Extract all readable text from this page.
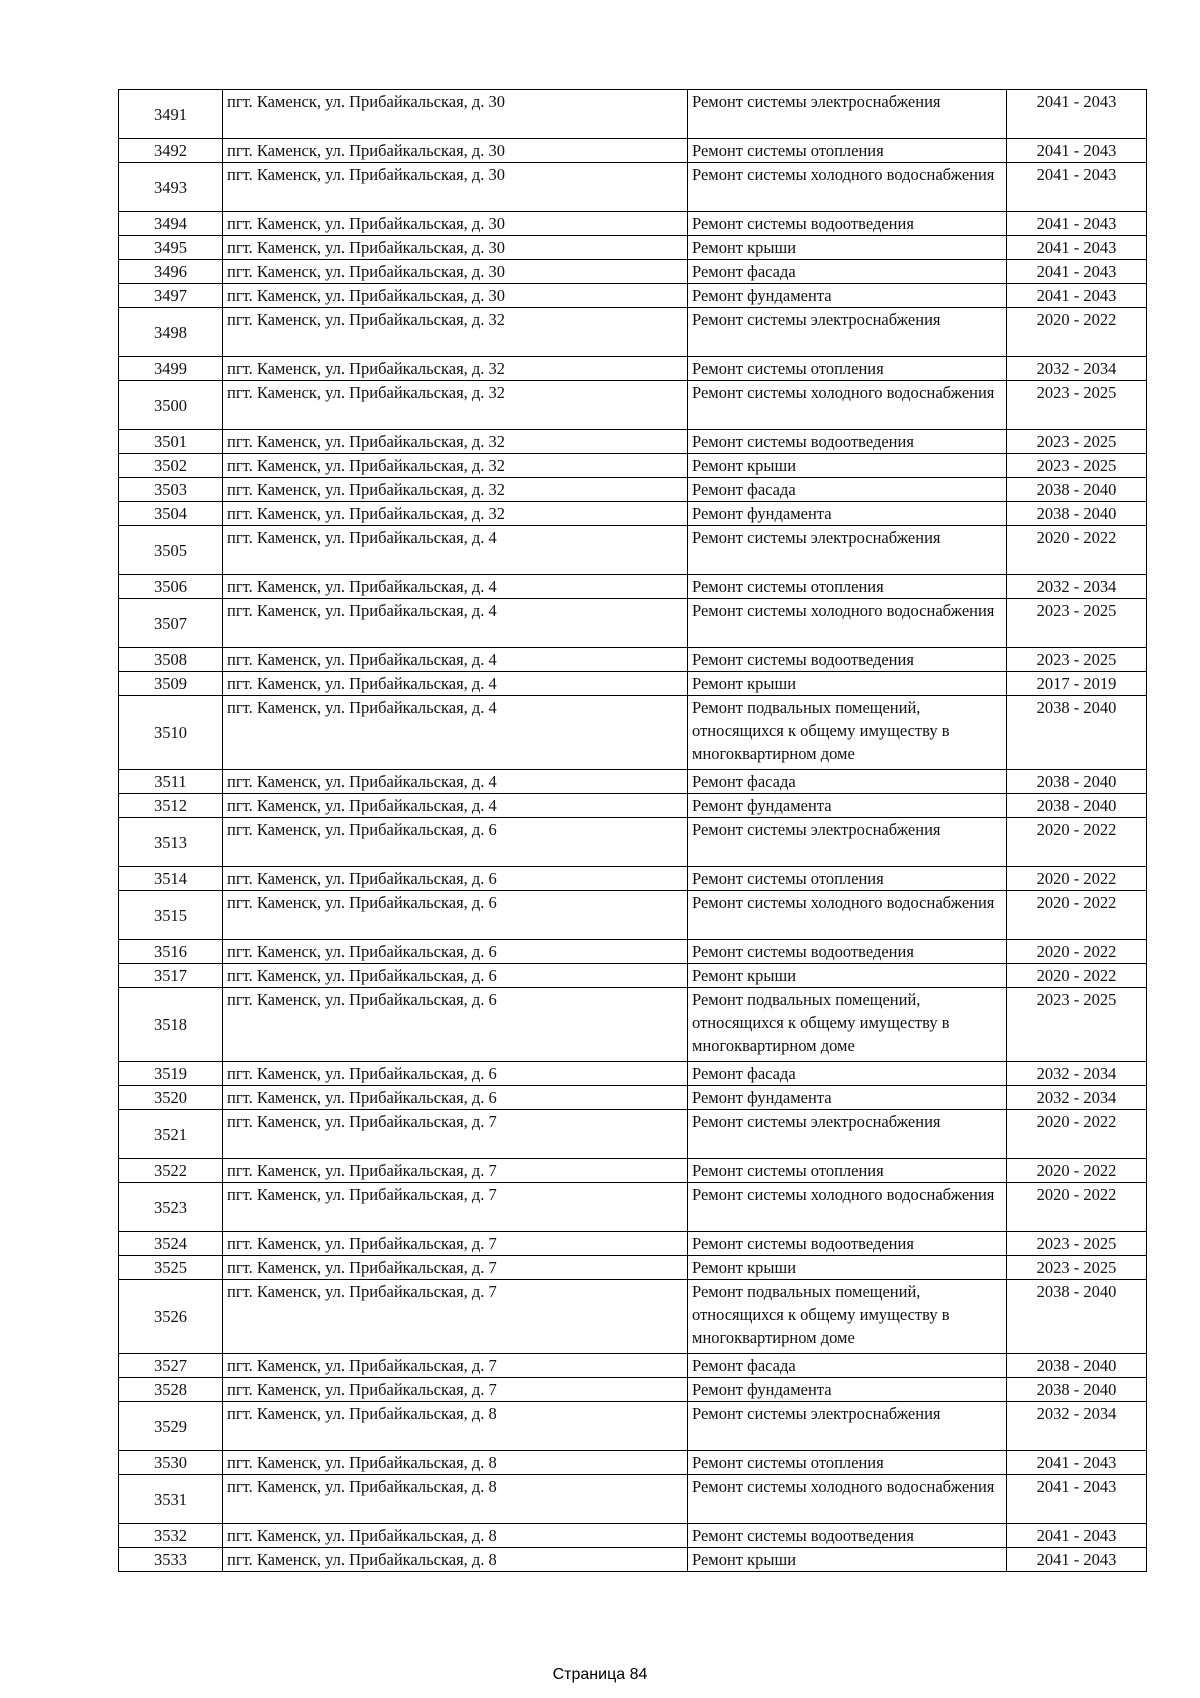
3491	пгт. Каменск, ул. Прибайкальская, д. 30	Ремонт системы электроснабжения	2041 - 2043
3492	пгт. Каменск, ул. Прибайкальская, д. 30	Ремонт системы отопления	2041 - 2043
3493	пгт. Каменск, ул. Прибайкальская, д. 30	Ремонт системы холодного водоснабжения	2041 - 2043
3494	пгт. Каменск, ул. Прибайкальская, д. 30	Ремонт системы водоотведения	2041 - 2043
3495	пгт. Каменск, ул. Прибайкальская, д. 30	Ремонт крыши	2041 - 2043
3496	пгт. Каменск, ул. Прибайкальская, д. 30	Ремонт фасада	2041 - 2043
3497	пгт. Каменск, ул. Прибайкальская, д. 30	Ремонт фундамента	2041 - 2043
3498	пгт. Каменск, ул. Прибайкальская, д. 32	Ремонт системы электроснабжения	2020 - 2022
3499	пгт. Каменск, ул. Прибайкальская, д. 32	Ремонт системы отопления	2032 - 2034
3500	пгт. Каменск, ул. Прибайкальская, д. 32	Ремонт системы холодного водоснабжения	2023 - 2025
3501	пгт. Каменск, ул. Прибайкальская, д. 32	Ремонт системы водоотведения	2023 - 2025
3502	пгт. Каменск, ул. Прибайкальская, д. 32	Ремонт крыши	2023 - 2025
3503	пгт. Каменск, ул. Прибайкальская, д. 32	Ремонт фасада	2038 - 2040
3504	пгт. Каменск, ул. Прибайкальская, д. 32	Ремонт фундамента	2038 - 2040
3505	пгт. Каменск, ул. Прибайкальская, д. 4	Ремонт системы электроснабжения	2020 - 2022
3506	пгт. Каменск, ул. Прибайкальская, д. 4	Ремонт системы отопления	2032 - 2034
3507	пгт. Каменск, ул. Прибайкальская, д. 4	Ремонт системы холодного водоснабжения	2023 - 2025
3508	пгт. Каменск, ул. Прибайкальская, д. 4	Ремонт системы водоотведения	2023 - 2025
3509	пгт. Каменск, ул. Прибайкальская, д. 4	Ремонт крыши	2017 - 2019
3510	пгт. Каменск, ул. Прибайкальская, д. 4	Ремонт подвальных помещений, относящихся к общему имуществу в многоквартирном доме	2038 - 2040
3511	пгт. Каменск, ул. Прибайкальская, д. 4	Ремонт фасада	2038 - 2040
3512	пгт. Каменск, ул. Прибайкальская, д. 4	Ремонт фундамента	2038 - 2040
3513	пгт. Каменск, ул. Прибайкальская, д. 6	Ремонт системы электроснабжения	2020 - 2022
3514	пгт. Каменск, ул. Прибайкальская, д. 6	Ремонт системы отопления	2020 - 2022
3515	пгт. Каменск, ул. Прибайкальская, д. 6	Ремонт системы холодного водоснабжения	2020 - 2022
3516	пгт. Каменск, ул. Прибайкальская, д. 6	Ремонт системы водоотведения	2020 - 2022
3517	пгт. Каменск, ул. Прибайкальская, д. 6	Ремонт крыши	2020 - 2022
3518	пгт. Каменск, ул. Прибайкальская, д. 6	Ремонт подвальных помещений, относящихся к общему имуществу в многоквартирном доме	2023 - 2025
3519	пгт. Каменск, ул. Прибайкальская, д. 6	Ремонт фасада	2032 - 2034
3520	пгт. Каменск, ул. Прибайкальская, д. 6	Ремонт фундамента	2032 - 2034
3521	пгт. Каменск, ул. Прибайкальская, д. 7	Ремонт системы электроснабжения	2020 - 2022
3522	пгт. Каменск, ул. Прибайкальская, д. 7	Ремонт системы отопления	2020 - 2022
3523	пгт. Каменск, ул. Прибайкальская, д. 7	Ремонт системы холодного водоснабжения	2020 - 2022
3524	пгт. Каменск, ул. Прибайкальская, д. 7	Ремонт системы водоотведения	2023 - 2025
3525	пгт. Каменск, ул. Прибайкальская, д. 7	Ремонт крыши	2023 - 2025
3526	пгт. Каменск, ул. Прибайкальская, д. 7	Ремонт подвальных помещений, относящихся к общему имуществу в многоквартирном доме	2038 - 2040
3527	пгт. Каменск, ул. Прибайкальская, д. 7	Ремонт фасада	2038 - 2040
3528	пгт. Каменск, ул. Прибайкальская, д. 7	Ремонт фундамента	2038 - 2040
3529	пгт. Каменск, ул. Прибайкальская, д. 8	Ремонт системы электроснабжения	2032 - 2034
3530	пгт. Каменск, ул. Прибайкальская, д. 8	Ремонт системы отопления	2041 - 2043
3531	пгт. Каменск, ул. Прибайкальская, д. 8	Ремонт системы холодного водоснабжения	2041 - 2043
3532	пгт. Каменск, ул. Прибайкальская, д. 8	Ремонт системы водоотведения	2041 - 2043
3533	пгт. Каменск, ул. Прибайкальская, д. 8	Ремонт крыши	2041 - 2043
Страница 84
